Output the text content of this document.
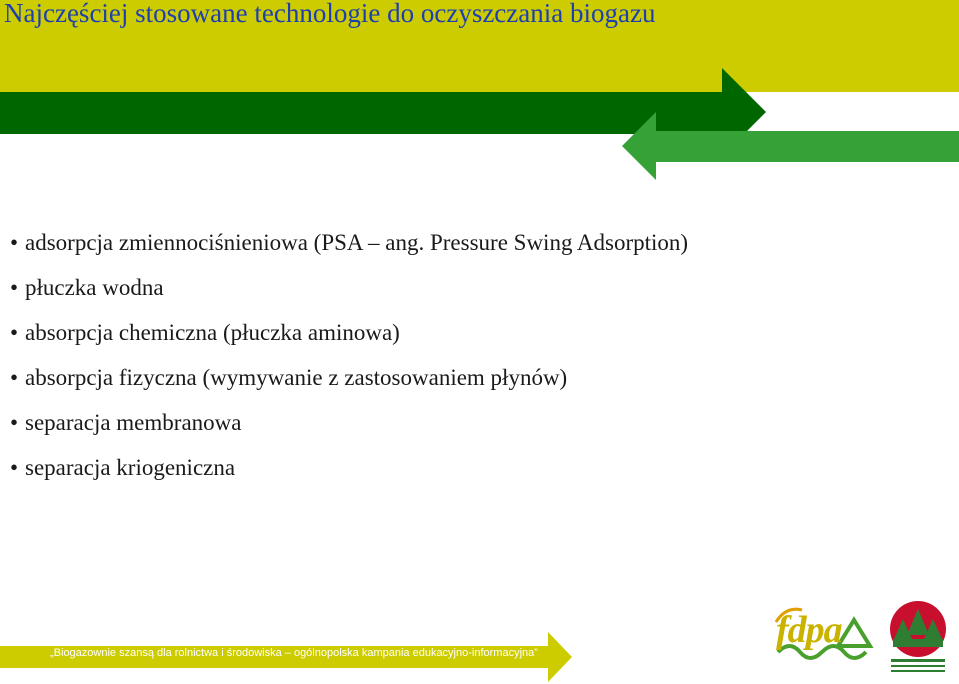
Najczęściej stosowane technologie do oczyszczania biogazu
• adsorpcja zmiennociśnieniowa (PSA – ang. Pressure Swing Adsorption)
• płuczka wodna
• absorpcja chemiczna (płuczka aminowa)
• absorpcja fizyczna (wymywanie z zastosowaniem płynów)
• separacja membranowa
• separacja kriogeniczna
„Biogazownie szansą dla rolnictwa i środowiska – ogólnopolska kampania edukacyjno-informacyjna”
fdpa
